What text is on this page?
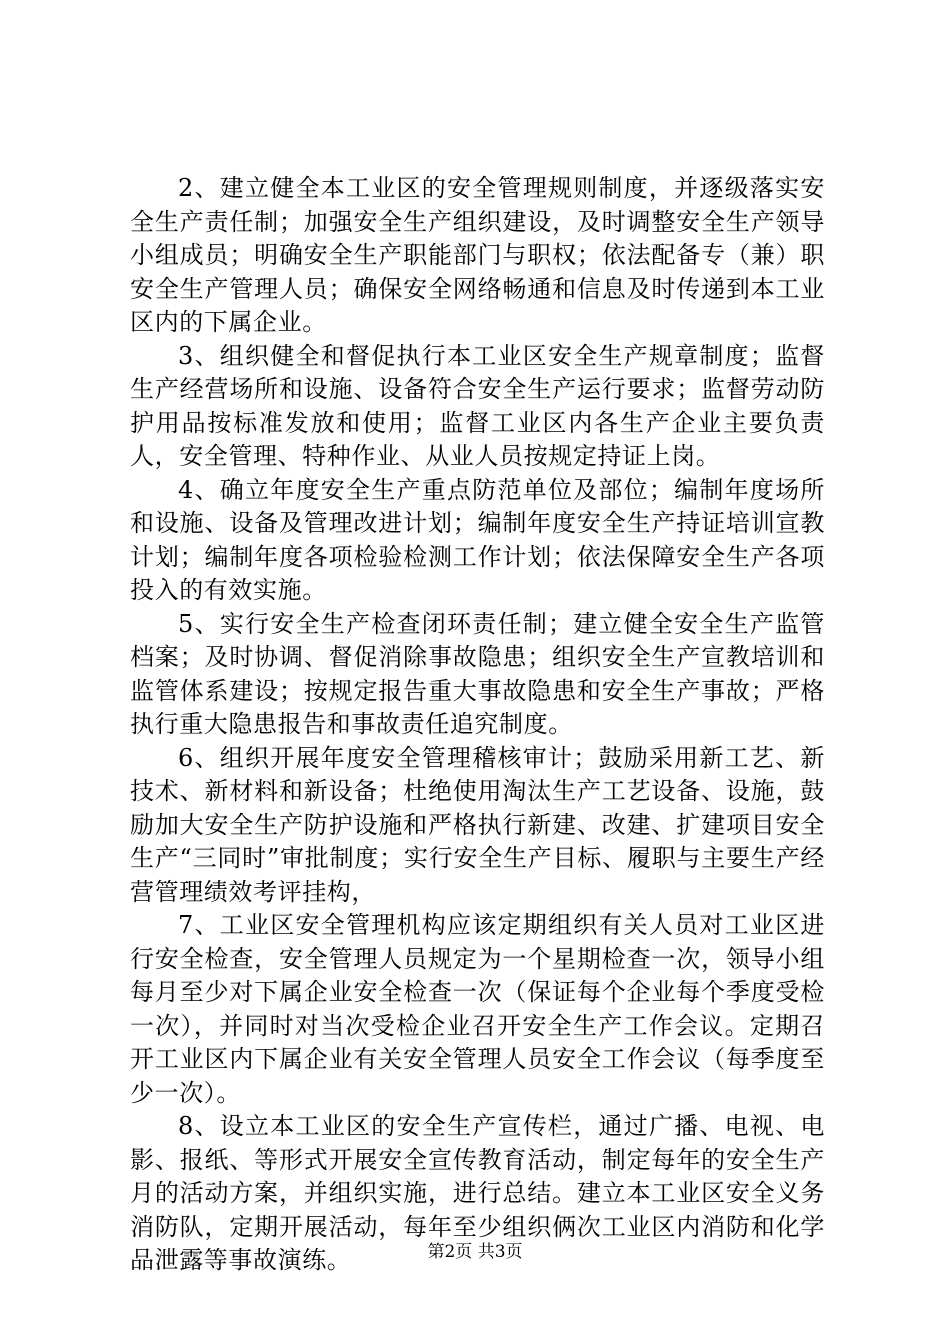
2、建立健全本工业区的安全管理规则制度，并逐级落实安全生产责任制；加强安全生产组织建设，及时调整安全生产领导小组成员；明确安全生产职能部门与职权；依法配备专（兼）职安全生产管理人员；确保安全网络畅通和信息及时传递到本工业区内的下属企业。

3、组织健全和督促执行本工业区安全生产规章制度；监督生产经营场所和设施、设备符合安全生产运行要求；监督劳动防护用品按标准发放和使用；监督工业区内各生产企业主要负责人，安全管理、特种作业、从业人员按规定持证上岗。

4、确立年度安全生产重点防范单位及部位；编制年度场所和设施、设备及管理改进计划；编制年度安全生产持证培训宣教计划；编制年度各项检验检测工作计划；依法保障安全生产各项投入的有效实施。

5、实行安全生产检查闭环责任制；建立健全安全生产监管档案；及时协调、督促消除事故隐患；组织安全生产宣教培训和监管体系建设；按规定报告重大事故隐患和安全生产事故；严格执行重大隐患报告和事故责任追究制度。

6、组织开展年度安全管理稽核审计；鼓励采用新工艺、新技术、新材料和新设备；杜绝使用淘汰生产工艺设备、设施，鼓励加大安全生产防护设施和严格执行新建、改建、扩建项目安全生产“三同时”审批制度；实行安全生产目标、履职与主要生产经营管理绩效考评挂构，

7、工业区安全管理机构应该定期组织有关人员对工业区进行安全检查，安全管理人员规定为一个星期检查一次，领导小组每月至少对下属企业安全检查一次（保证每个企业每个季度受检一次），并同时对当次受检企业召开安全生产工作会议。定期召开工业区内下属企业有关安全管理人员安全工作会议（每季度至少一次）。

8、设立本工业区的安全生产宣传栏，通过广播、电视、电影、报纸、等形式开展安全宣传教育活动，制定每年的安全生产月的活动方案，并组织实施，进行总结。建立本工业区安全义务消防队，定期开展活动，每年至少组织俩次工业区内消防和化学品泄露等事故演练。	第2页 共3页
